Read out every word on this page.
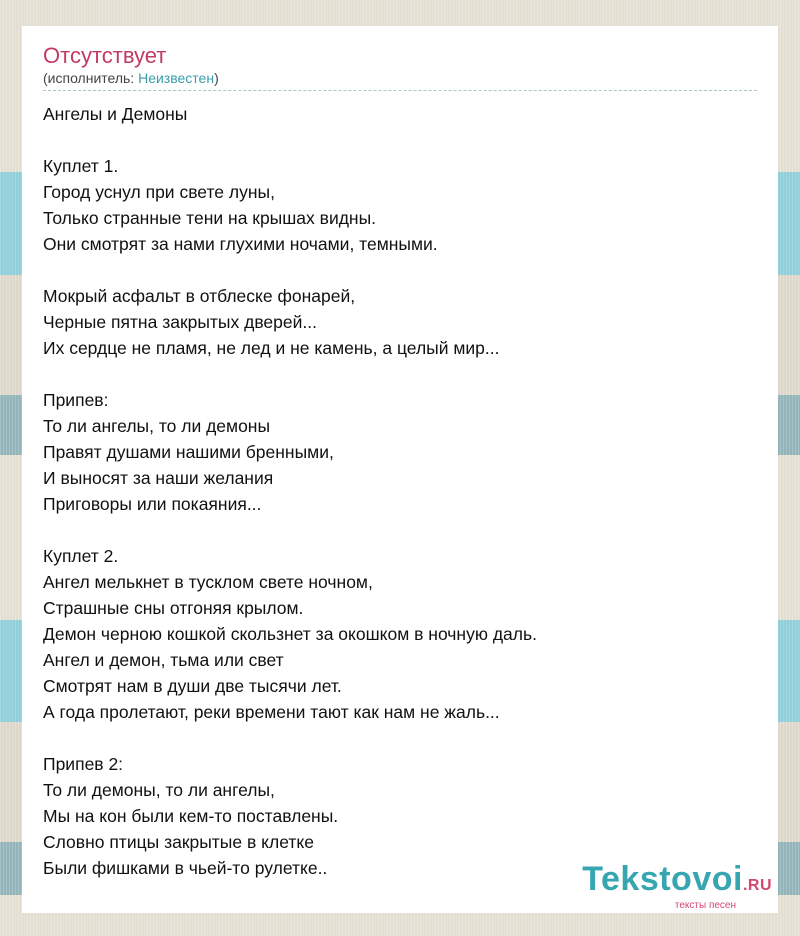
Отсутствует
(исполнитель: Неизвестен)
Ангелы и Демоны
Куплет 1.
Город уснул при свете луны,
Только странные тени на крышах видны.
Они смотрят за нами глухими ночами, темными.
Мокрый асфальт в отблеске фонарей,
Черные пятна закрытых дверей...
Их сердце не пламя, не лед и не камень, а целый мир...
Припев:
То ли ангелы, то ли демоны
Правят душами нашими бренными,
И выносят за наши желания
Приговоры или покаяния...
Куплет 2.
Ангел мелькнет в тусклом свете ночном,
Страшные сны отгоняя крылом.
Демон черною кошкой скользнет за окошком в ночную даль.
Ангел и демон, тьма или свет
Смотрят нам в души две тысячи лет.
А года пролетают, реки времени тают как нам не жаль...
Припев 2:
То ли демоны, то ли ангелы,
Мы на кон были кем-то поставлены.
Словно птицы закрытые в клетке
Были фишками в чьей-то рулетке..	Tekstovoi.RU
тексты песен
